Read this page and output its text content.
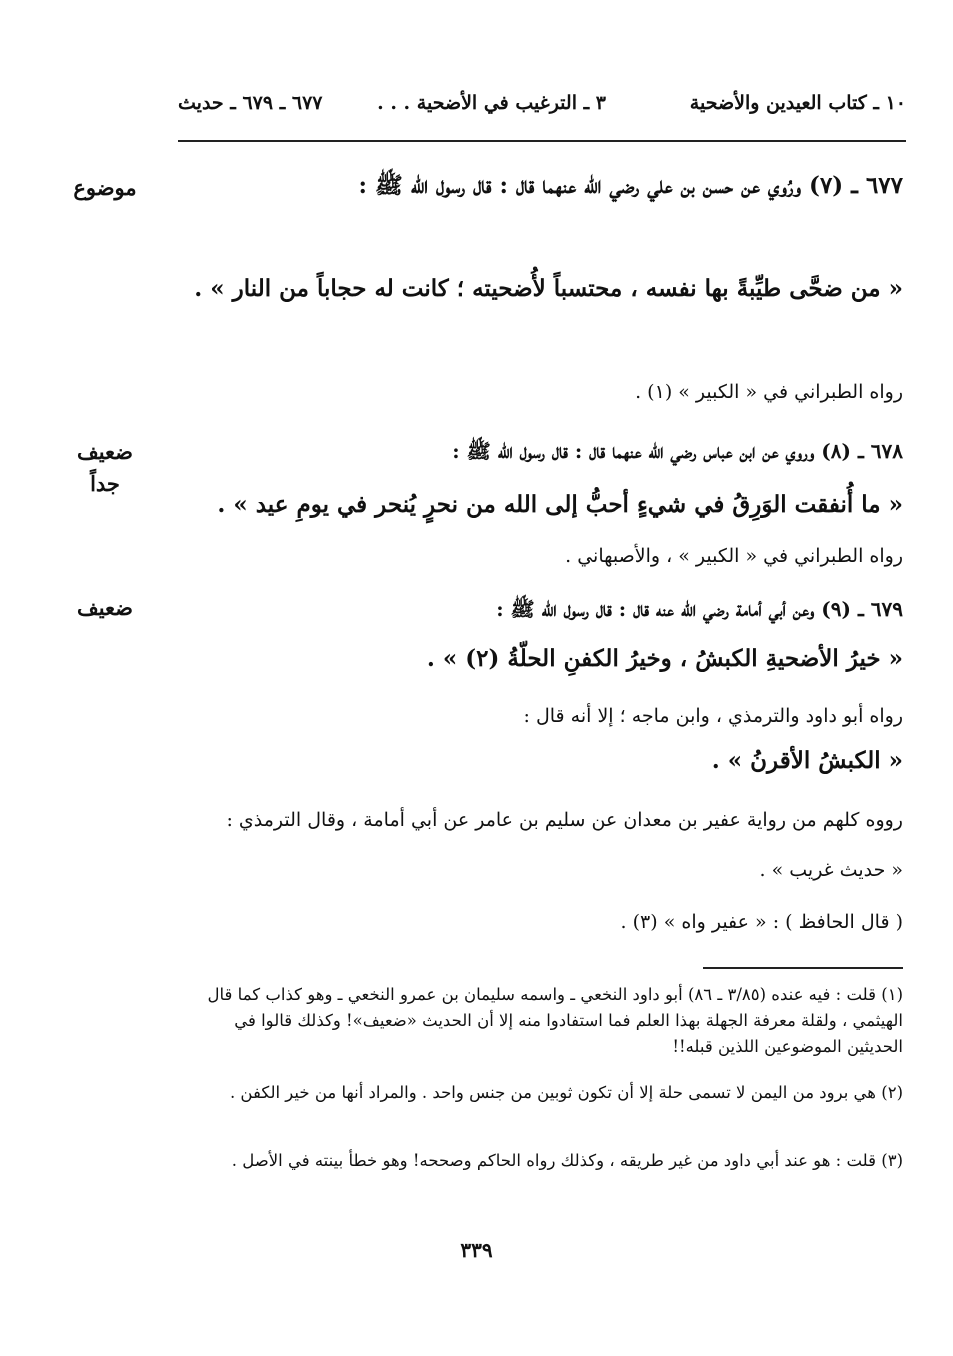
١٠ ـ كتاب العيدين والأضحية
٣ ـ الترغيب في الأضحية . . .
٦٧٧ ـ ٦٧٩ ـ حديث
موضوع	٦٧٧ ـ (٧) ورُوي عن حسن بن علي رضي الله عنهما قال : قال رسول الله ﷺ :

« من ضحَّى طيِّبةً بها نفسه ، محتسباً لأُضحيته ؛ كانت له حجاباً من النار » .

رواه الطبراني في « الكبير » (١) .

ضعيف
جداً

٦٧٨ ـ (٨) وروي عن ابن عباس رضي الله عنهما قال : قال رسول الله ﷺ :

« ما أُنفقت الوَرِقُ في شيءٍ أحبُّ إلى الله من نحرٍ يُنحر في يومِ عيد » .

رواه الطبراني في « الكبير » ، والأصبهاني .

ضعيف	٦٧٩ ـ (٩) وعن أبي أمامة رضي الله عنه قال : قال رسول الله ﷺ :

« خيرُ الأضحيةِ الكبشُ ، وخيرُ الكفنِ الحلّةُ (٢) » .

رواه أبو داود والترمذي ، وابن ماجه ؛ إلا أنه قال :

« الكبشُ الأقرنُ » .

رووه كلهم من رواية عفير بن معدان عن سليم بن عامر عن أبي أمامة ، وقال الترمذي :

« حديث غريب » .

( قال الحافظ ) : « عفير واه » (٣) .

(١) قلت : فيه عنده (٣/٨٥ ـ ٨٦) أبو داود النخعي ـ واسمه سليمان بن عمرو النخعي ـ وهو كذاب كما قال الهيثمي ، ولقلة معرفة الجهلة بهذا العلم فما استفادوا منه إلا أن الحديث «ضعيف»! وكذلك قالوا في الحديثين الموضوعين اللذين قبله!!

(٢) هي برود من اليمن لا تسمى حلة إلا أن تكون ثوبين من جنس واحد . والمراد أنها من خير الكفن .

(٣) قلت : هو عند أبي داود من غير طريقه ، وكذلك رواه الحاكم وصححه! وهو خطأ بينته في الأصل .

٣٣٩
